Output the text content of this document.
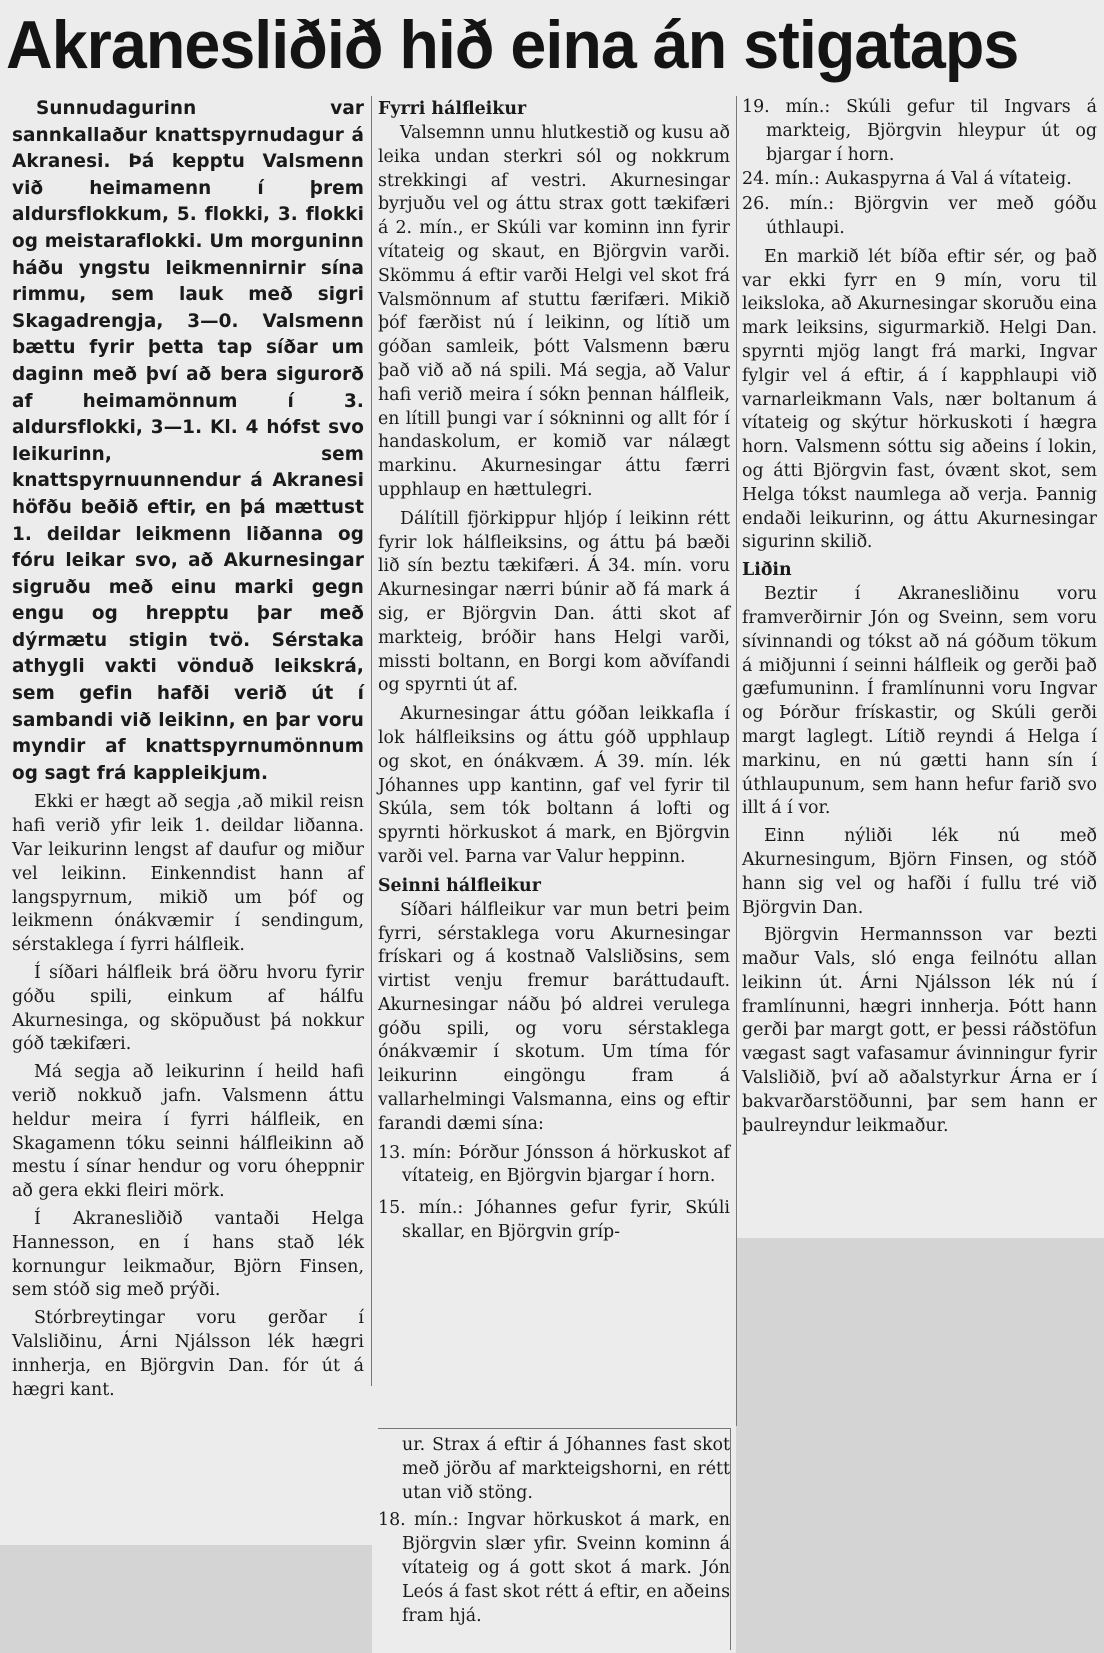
Akranesliðið hið eina án stigataps

Sunnudagurinn var sannkallaður knattspyrnudagur á Akranesi. Þá kepptu Valsmenn við heimamenn í þrem aldursflokkum, 5. flokki, 3. flokki og meistaraflokki. Um morguninn háðu yngstu leikmennirnir sína rimmu, sem lauk með sigri Skagadrengja, 3—0. Valsmenn bættu fyrir þetta tap síðar um daginn með því að bera sigurorð af heimamönnum í 3. aldursflokki, 3—1. Kl. 4 hófst svo leikurinn, sem knattspyrnuunnendur á Akranesi höfðu beðið eftir, en þá mættust 1. deildar leikmenn liðanna og fóru leikar svo, að Akurnesingar sigruðu með einu marki gegn engu og hrepptu þar með dýrmætu stigin tvö. Sérstaka athygli vakti vönduð leikskrá, sem gefin hafði verið út í sambandi við leikinn, en þar voru myndir af knattspyrnumönnum og sagt frá kappleikjum.

Ekki er hægt að segja ,að mikil reisn hafi verið yfir leik 1. deildar liðanna. Var leikurinn lengst af daufur og miður vel leikinn. Einkenndist hann af langspyrnum, mikið um þóf og leikmenn ónákvæmir í sendingum, sérstaklega í fyrri hálfleik.

Í síðari hálfleik brá öðru hvoru fyrir góðu spili, einkum af hálfu Akurnesinga, og sköpuðust þá nokkur góð tækifæri.

Má segja að leikurinn í heild hafi verið nokkuð jafn. Valsmenn áttu heldur meira í fyrri hálfleik, en Skagamenn tóku seinni hálfleikinn að mestu í sínar hendur og voru óheppnir að gera ekki fleiri mörk.

Í Akranesliðið vantaði Helga Hannesson, en í hans stað lék kornungur leikmaður, Björn Finsen, sem stóð sig með prýði.

Stórbreytingar voru gerðar í Valsliðinu, Árni Njálsson lék hægri innherja, en Björgvin Dan. fór út á hægri kant.

Fyrri hálfleikur

Valsemnn unnu hlutkestið og kusu að leika undan sterkri sól og nokkrum strekkingi af vestri. Akurnesingar byrjuðu vel og áttu strax gott tækifæri á 2. mín., er Skúli var kominn inn fyrir vítateig og skaut, en Björgvin varði. Skömmu á eftir varði Helgi vel skot frá Valsmönnum af stuttu færifæri. Mikið þóf færðist nú í leikinn, og lítið um góðan samleik, þótt Valsmenn bæru það við að ná spili. Má segja, að Valur hafi verið meira í sókn þennan hálfleik, en lítill þungi var í sókninni og allt fór í handaskolum, er komið var nálægt markinu. Akurnesingar áttu færri upphlaup en hættulegri.

Dálítill fjörkippur hljóp í leikinn rétt fyrir lok hálfleiksins, og áttu þá bæði lið sín beztu tækifæri. Á 34. mín. voru Akurnesingar nærri búnir að fá mark á sig, er Björgvin Dan. átti skot af markteig, bróðir hans Helgi varði, missti boltann, en Borgi kom aðvífandi og spyrnti út af.

Akurnesingar áttu góðan leikkafla í lok hálfleiksins og áttu góð upphlaup og skot, en ónákvæm. Á 39. mín. lék Jóhannes upp kantinn, gaf vel fyrir til Skúla, sem tók boltann á lofti og spyrnti hörkuskot á mark, en Björgvin varði vel. Þarna var Valur heppinn.

Seinni hálfleikur

Síðari hálfleikur var mun betri þeim fyrri, sérstaklega voru Akurnesingar frískari og á kostnað Valsliðsins, sem virtist venju fremur baráttudauft. Akurnesingar náðu þó aldrei verulega góðu spili, og voru sérstaklega ónákvæmir í skotum. Um tíma fór leikurinn eingöngu fram á vallarhelmingi Valsmanna, eins og eftir farandi dæmi sína:

13. mín: Þórður Jónsson á hörkuskot af vítateig, en Björgvin bjargar í horn.

15. mín.: Jóhannes gefur fyrir, Skúli skallar, en Björgvin gríp-

ur. Strax á eftir á Jóhannes fast skot með jörðu af markteigshorni, en rétt utan við stöng.

18. mín.: Ingvar hörkuskot á mark, en Björgvin slær yfir. Sveinn kominn á vítateig og á gott skot á mark. Jón Leós á fast skot rétt á eftir, en aðeins fram hjá.

19. mín.: Skúli gefur til Ingvars á markteig, Björgvin hleypur út og bjargar í horn.

24. mín.: Aukaspyrna á Val á vítateig.

26. mín.: Björgvin ver með góðu úthlaupi.

En markið lét bíða eftir sér, og það var ekki fyrr en 9 mín, voru til leiksloka, að Akurnesingar skoruðu eina mark leiksins, sigurmarkið. Helgi Dan. spyrnti mjög langt frá marki, Ingvar fylgir vel á eftir, á í kapphlaupi við varnarleikmann Vals, nær boltanum á vítateig og skýtur hörkuskoti í hægra horn. Valsmenn sóttu sig aðeins í lokin, og átti Björgvin fast, óvænt skot, sem Helga tókst naumlega að verja. Þannig endaði leikurinn, og áttu Akurnesingar sigurinn skilið.

Liðin

Beztir í Akranesliðinu voru framverðirnir Jón og Sveinn, sem voru sívinnandi og tókst að ná góðum tökum á miðjunni í seinni hálfleik og gerði það gæfumuninn. Í framlínunni voru Ingvar og Þórður frískastir, og Skúli gerði margt laglegt. Lítið reyndi á Helga í markinu, en nú gætti hann sín í úthlaupunum, sem hann hefur farið svo illt á í vor.

Einn nýliði lék nú með Akurnesingum, Björn Finsen, og stóð hann sig vel og hafði í fullu tré við Björgvin Dan.

Björgvin Hermannsson var bezti maður Vals, sló enga feilnótu allan leikinn út. Árni Njálsson lék nú í framlínunni, hægri innherja. Þótt hann gerði þar margt gott, er þessi ráðstöfun vægast sagt vafasamur ávinningur fyrir Valsliðið, því að aðalstyrkur Árna er í bakvarðarstöðunni, þar sem hann er þaulreyndur leikmaður.
